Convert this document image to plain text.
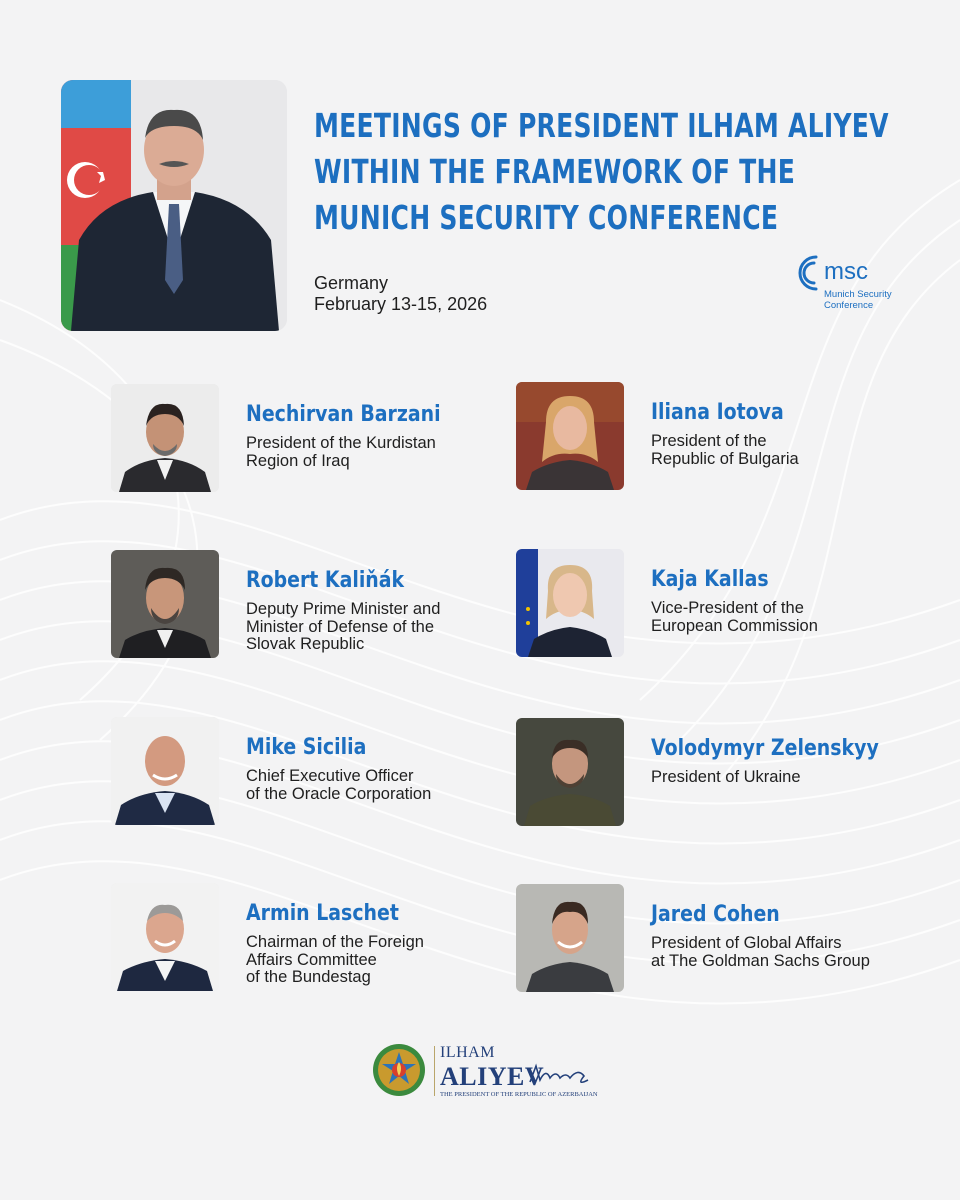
MEETINGS OF PRESIDENT ILHAM ALIYEV
WITHIN THE FRAMEWORK OF THE
MUNICH SECURITY CONFERENCE
Germany
February 13-15, 2026
msc
Munich Security
Conference
Nechirvan Barzani
President of the Kurdistan
Region of Iraq
Iliana Iotova
President of the
Republic of Bulgaria
Robert Kaliňák
Deputy Prime Minister and
Minister of Defense of the
Slovak Republic
Kaja Kallas
Vice-President of the
European Commission
Mike Sicilia
Chief Executive Officer
of the Oracle Corporation
Volodymyr Zelenskyy
President of Ukraine
Armin Laschet
Chairman of the Foreign
Affairs Committee
of the Bundestag
Jared Cohen
President of Global Affairs
at The Goldman Sachs Group
ILHAM
ALIYEV
THE PRESIDENT OF THE REPUBLIC OF AZERBAIJAN
